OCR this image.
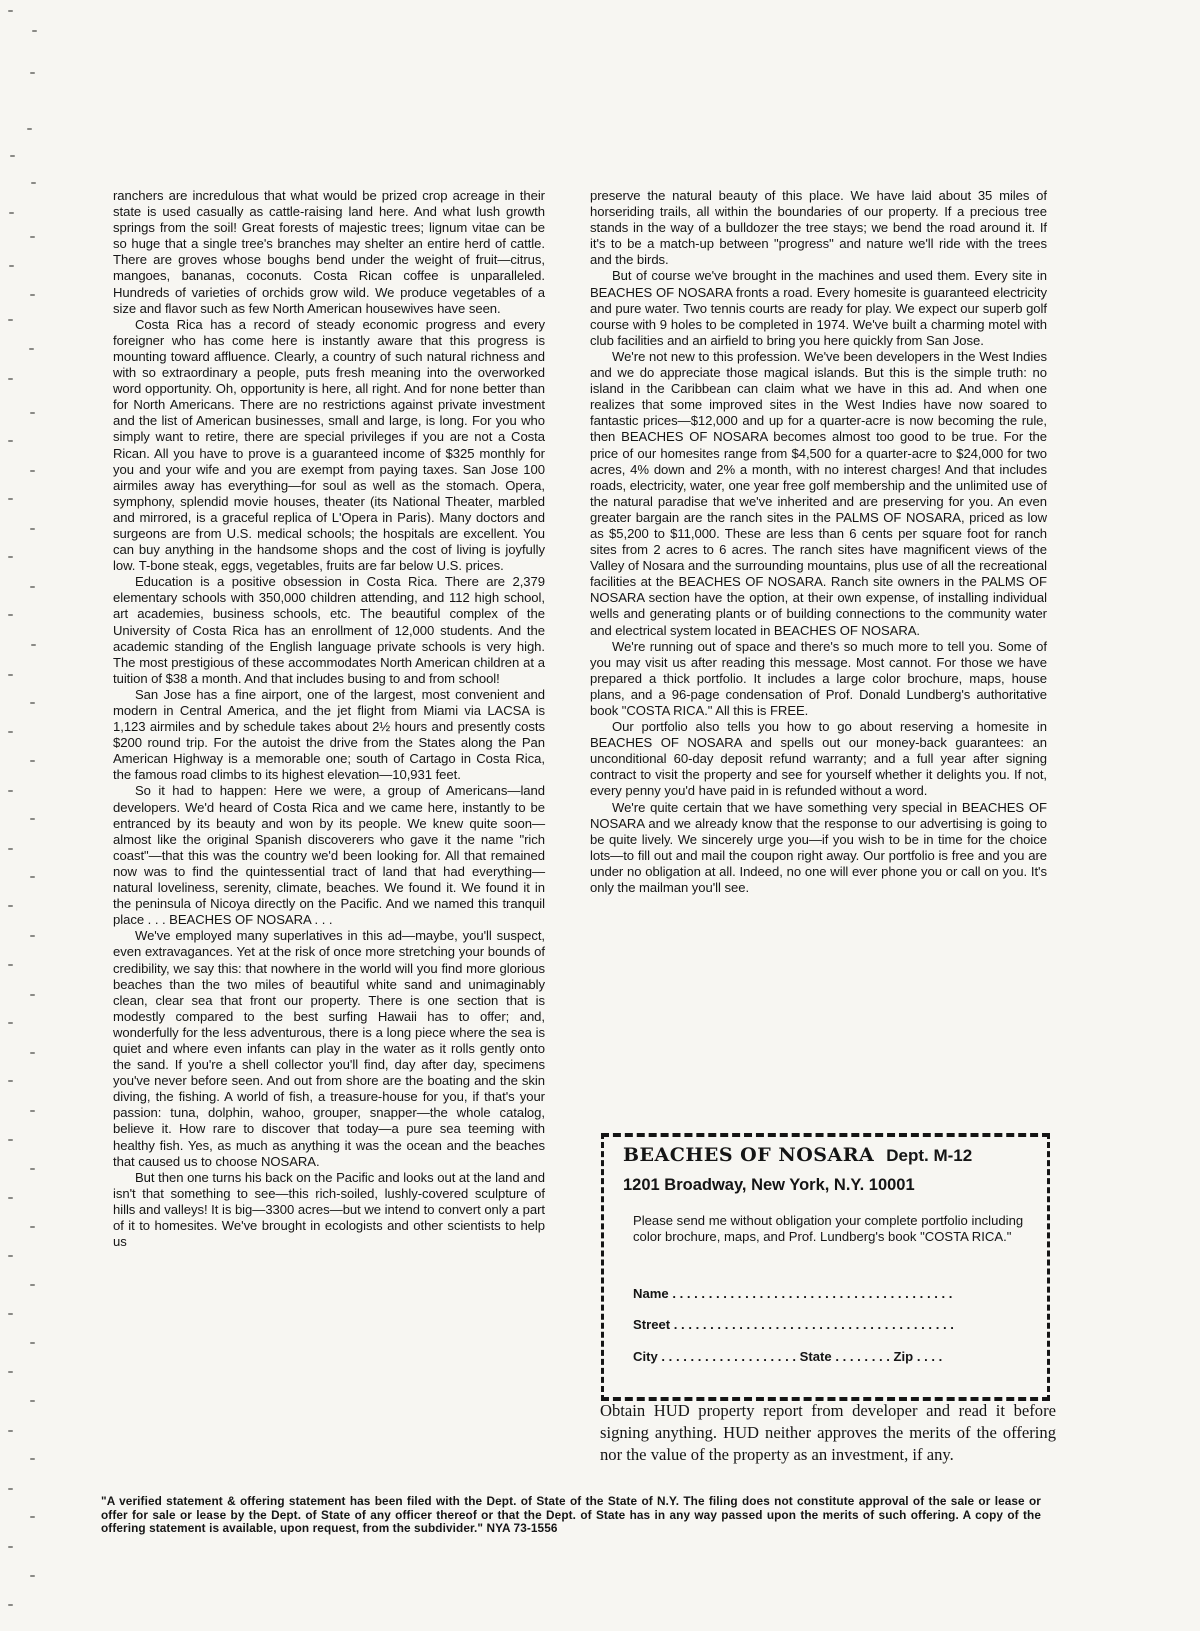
ranchers are incredulous that what would be prized crop acreage in their state is used casually as cattle-raising land here. And what lush growth springs from the soil! Great forests of majestic trees; lignum vitae can be so huge that a single tree's branches may shelter an entire herd of cattle. There are groves whose boughs bend under the weight of fruit—citrus, mangoes, bananas, coconuts. Costa Rican coffee is unparalleled. Hundreds of varieties of orchids grow wild. We produce vegetables of a size and flavor such as few North American housewives have seen.

Costa Rica has a record of steady economic progress and every foreigner who has come here is instantly aware that this progress is mounting toward affluence. Clearly, a country of such natural richness and with so extraordinary a people, puts fresh meaning into the overworked word opportunity. Oh, opportunity is here, all right. And for none better than for North Americans. There are no restrictions against private investment and the list of American businesses, small and large, is long. For you who simply want to retire, there are special privileges if you are not a Costa Rican. All you have to prove is a guaranteed income of $325 monthly for you and your wife and you are exempt from paying taxes. San Jose 100 airmiles away has everything—for soul as well as the stomach. Opera, symphony, splendid movie houses, theater (its National Theater, marbled and mirrored, is a graceful replica of L'Opera in Paris). Many doctors and surgeons are from U.S. medical schools; the hospitals are excellent. You can buy anything in the handsome shops and the cost of living is joyfully low. T-bone steak, eggs, vegetables, fruits are far below U.S. prices.

Education is a positive obsession in Costa Rica. There are 2,379 elementary schools with 350,000 children attending, and 112 high school, art academies, business schools, etc. The beautiful complex of the University of Costa Rica has an enrollment of 12,000 students. And the academic standing of the English language private schools is very high. The most prestigious of these accommodates North American children at a tuition of $38 a month. And that includes busing to and from school!

San Jose has a fine airport, one of the largest, most convenient and modern in Central America, and the jet flight from Miami via LACSA is 1,123 airmiles and by schedule takes about 2½ hours and presently costs $200 round trip. For the autoist the drive from the States along the Pan American Highway is a memorable one; south of Cartago in Costa Rica, the famous road climbs to its highest elevation—10,931 feet.

So it had to happen: Here we were, a group of Americans—land developers. We'd heard of Costa Rica and we came here, instantly to be entranced by its beauty and won by its people. We knew quite soon—almost like the original Spanish discoverers who gave it the name "rich coast"—that this was the country we'd been looking for. All that remained now was to find the quintessential tract of land that had everything—natural loveliness, serenity, climate, beaches. We found it. We found it in the peninsula of Nicoya directly on the Pacific. And we named this tranquil place . . . BEACHES OF NOSARA . . .

We've employed many superlatives in this ad—maybe, you'll suspect, even extravagances. Yet at the risk of once more stretching your bounds of credibility, we say this: that nowhere in the world will you find more glorious beaches than the two miles of beautiful white sand and unimaginably clean, clear sea that front our property. There is one section that is modestly compared to the best surfing Hawaii has to offer; and, wonderfully for the less adventurous, there is a long piece where the sea is quiet and where even infants can play in the water as it rolls gently onto the sand. If you're a shell collector you'll find, day after day, specimens you've never before seen. And out from shore are the boating and the skin diving, the fishing. A world of fish, a treasure-house for you, if that's your passion: tuna, dolphin, wahoo, grouper, snapper—the whole catalog, believe it. How rare to discover that today—a pure sea teeming with healthy fish. Yes, as much as anything it was the ocean and the beaches that caused us to choose NOSARA.

But then one turns his back on the Pacific and looks out at the land and isn't that something to see—this rich-soiled, lushly-covered sculpture of hills and valleys! It is big—3300 acres—but we intend to convert only a part of it to homesites. We've brought in ecologists and other scientists to help us

preserve the natural beauty of this place. We have laid about 35 miles of horseriding trails, all within the boundaries of our property. If a precious tree stands in the way of a bulldozer the tree stays; we bend the road around it. If it's to be a match-up between "progress" and nature we'll ride with the trees and the birds.

But of course we've brought in the machines and used them. Every site in BEACHES OF NOSARA fronts a road. Every homesite is guaranteed electricity and pure water. Two tennis courts are ready for play. We expect our superb golf course with 9 holes to be completed in 1974. We've built a charming motel with club facilities and an airfield to bring you here quickly from San Jose.

We're not new to this profession. We've been developers in the West Indies and we do appreciate those magical islands. But this is the simple truth: no island in the Caribbean can claim what we have in this ad. And when one realizes that some improved sites in the West Indies have now soared to fantastic prices—$12,000 and up for a quarter-acre is now becoming the rule, then BEACHES OF NOSARA becomes almost too good to be true. For the price of our homesites range from $4,500 for a quarter-acre to $24,000 for two acres, 4% down and 2% a month, with no interest charges! And that includes roads, electricity, water, one year free golf membership and the unlimited use of the natural paradise that we've inherited and are preserving for you. An even greater bargain are the ranch sites in the PALMS OF NOSARA, priced as low as $5,200 to $11,000. These are less than 6 cents per square foot for ranch sites from 2 acres to 6 acres. The ranch sites have magnificent views of the Valley of Nosara and the surrounding mountains, plus use of all the recreational facilities at the BEACHES OF NOSARA. Ranch site owners in the PALMS OF NOSARA section have the option, at their own expense, of installing individual wells and generating plants or of building connections to the community water and electrical system located in BEACHES OF NOSARA.

We're running out of space and there's so much more to tell you. Some of you may visit us after reading this message. Most cannot. For those we have prepared a thick portfolio. It includes a large color brochure, maps, house plans, and a 96-page condensation of Prof. Donald Lundberg's authoritative book "COSTA RICA." All this is FREE.

Our portfolio also tells you how to go about reserving a homesite in BEACHES OF NOSARA and spells out our money-back guarantees: an unconditional 60-day deposit refund warranty; and a full year after signing contract to visit the property and see for yourself whether it delights you. If not, every penny you'd have paid in is refunded without a word.

We're quite certain that we have something very special in BEACHES OF NOSARA and we already know that the response to our advertising is going to be quite lively. We sincerely urge you—if you wish to be in time for the choice lots—to fill out and mail the coupon right away. Our portfolio is free and you are under no obligation at all. Indeed, no one will ever phone you or call on you. It's only the mailman you'll see.

BEACHES OF NOSARA Dept. M-12
1201 Broadway, New York, N.Y. 10001
Please send me without obligation your complete portfolio including color brochure, maps, and Prof. Lundberg's book "COSTA RICA."
Name . . . . . . . . . . . . . . . . . . . . . . . . . . . . . . . . . . . . . . .
Street . . . . . . . . . . . . . . . . . . . . . . . . . . . . . . . . . . . . . . .
City . . . . . . . . . . . . . . . . . . . State . . . . . . . . Zip . . . .
Obtain HUD property report from developer and read it before signing anything. HUD neither approves the merits of the offering nor the value of the property as an investment, if any.
"A verified statement & offering statement has been filed with the Dept. of State of the State of N.Y. The filing does not constitute approval of the sale or lease or offer for sale or lease by the Dept. of State of any officer thereof or that the Dept. of State has in any way passed upon the merits of such offering. A copy of the offering statement is available, upon request, from the subdivider." NYA 73-1556
